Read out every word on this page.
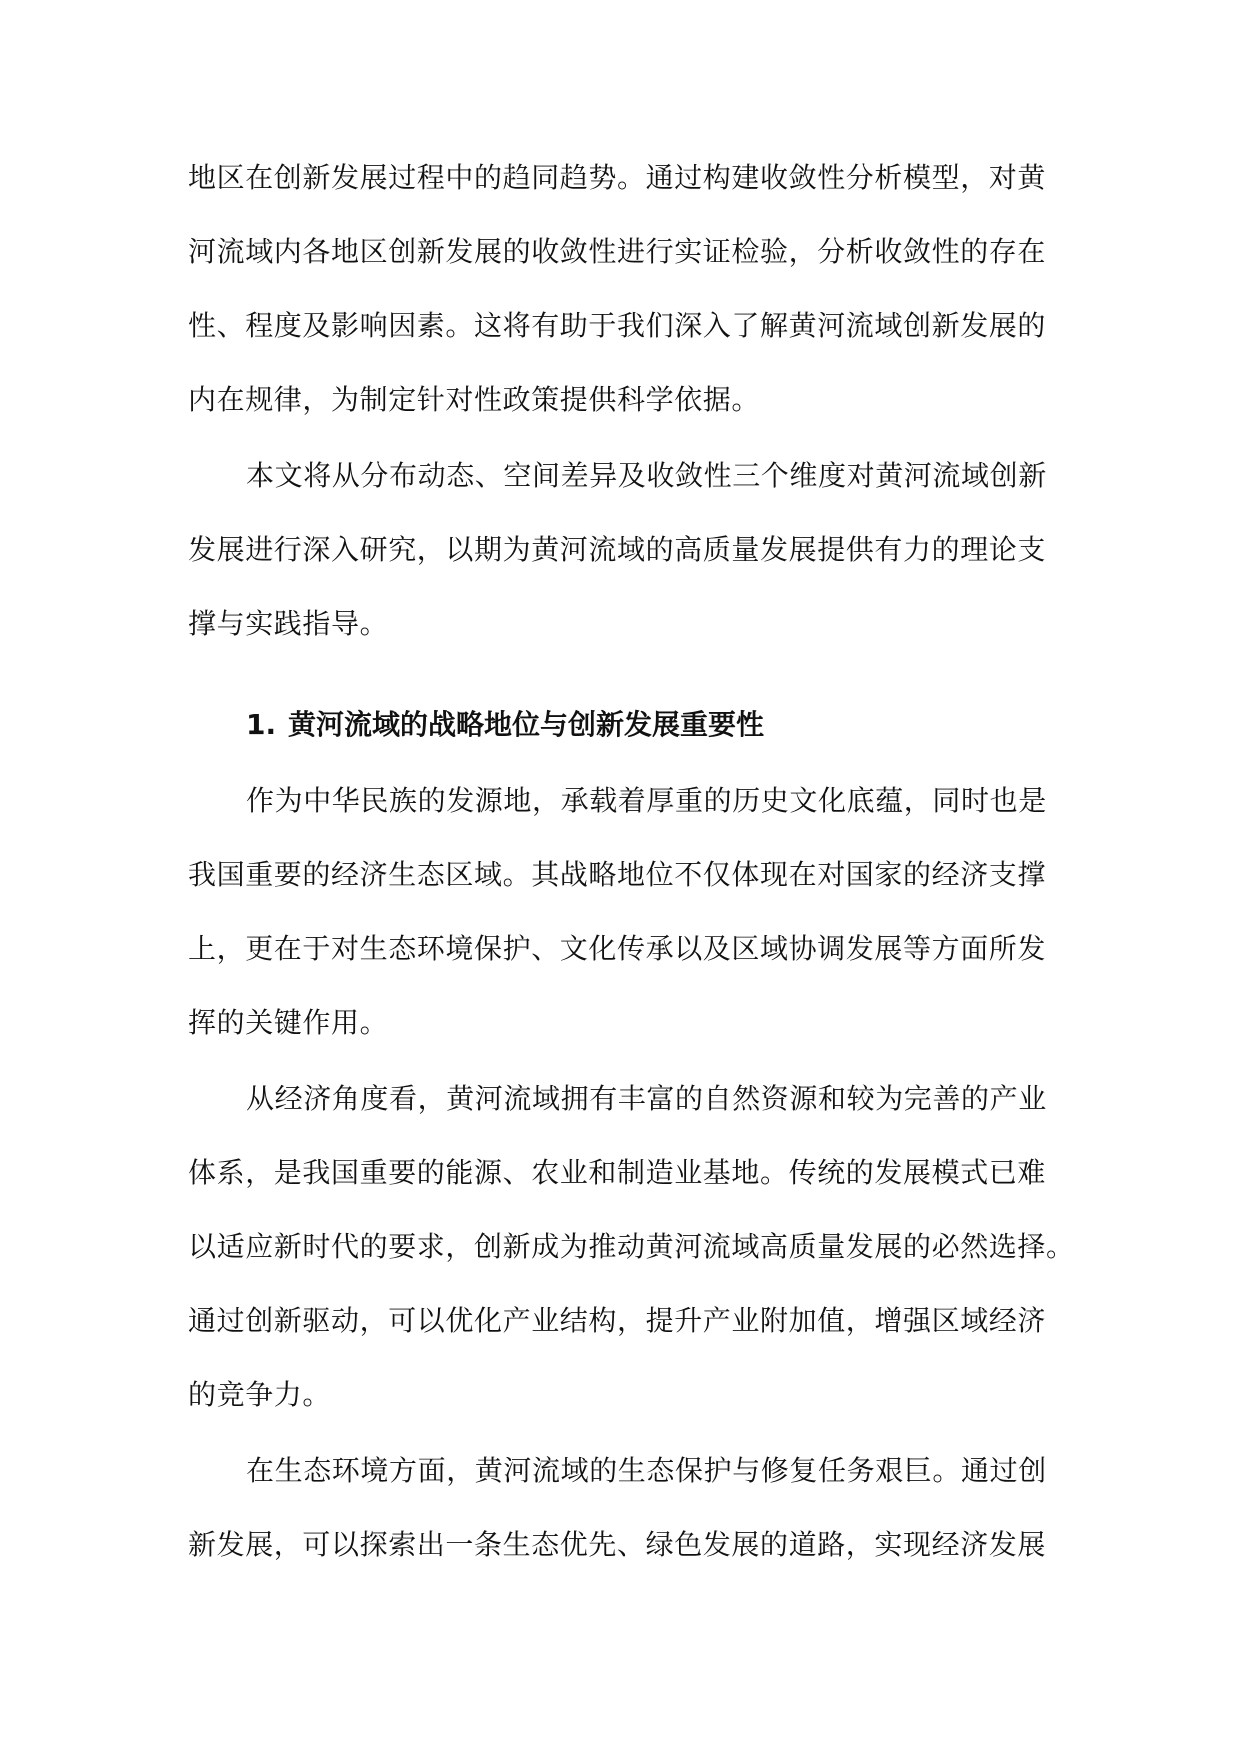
地区在创新发展过程中的趋同趋势。通过构建收敛性分析模型，对黄
河流域内各地区创新发展的收敛性进行实证检验，分析收敛性的存在
性、程度及影响因素。这将有助于我们深入了解黄河流域创新发展的
内在规律，为制定针对性政策提供科学依据。
本文将从分布动态、空间差异及收敛性三个维度对黄河流域创新
发展进行深入研究，以期为黄河流域的高质量发展提供有力的理论支
撑与实践指导。
1. 黄河流域的战略地位与创新发展重要性
作为中华民族的发源地，承载着厚重的历史文化底蕴，同时也是
我国重要的经济生态区域。其战略地位不仅体现在对国家的经济支撑
上，更在于对生态环境保护、文化传承以及区域协调发展等方面所发
挥的关键作用。
从经济角度看，黄河流域拥有丰富的自然资源和较为完善的产业
体系，是我国重要的能源、农业和制造业基地。传统的发展模式已难
以适应新时代的要求，创新成为推动黄河流域高质量发展的必然选择。
通过创新驱动，可以优化产业结构，提升产业附加值，增强区域经济
的竞争力。
在生态环境方面，黄河流域的生态保护与修复任务艰巨。通过创
新发展，可以探索出一条生态优先、绿色发展的道路，实现经济发展
